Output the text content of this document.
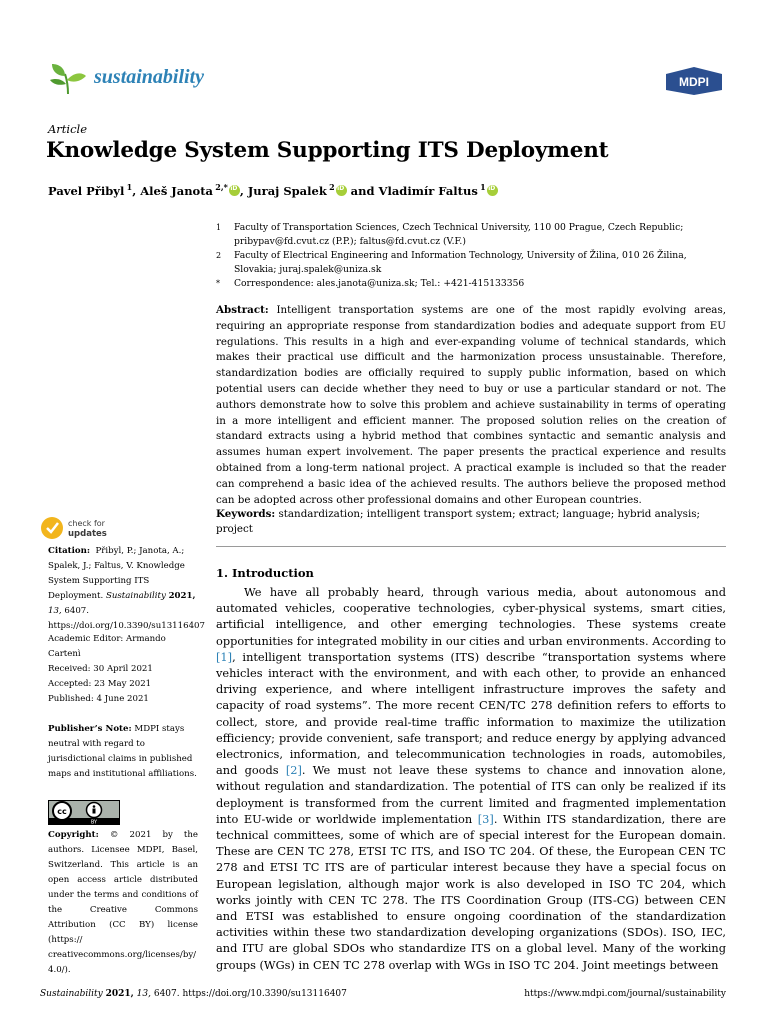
sustainability	MDPI
Article
Knowledge System Supporting ITS Deployment
Pavel Přibyl  $^1$, Aleš Janota  $^{2,*}$iD , Juraj Spalek  $^2$iD and Vladimír Faltus  $^1$iD
1	Faculty of Transportation Sciences, Czech Technical University, 110 00 Prague, Czech Republic; pribypav@fd.cvut.cz (P.P.); faltus@fd.cvut.cz (V.F.)
2	Faculty of Electrical Engineering and Information Technology, University of Žilina, 010 26 Žilina, Slovakia; juraj.spalek@uniza.sk
*	Correspondence: ales.janota@uniza.sk; Tel.: +421-415133356

Abstract: Intelligent transportation systems are one of the most rapidly evolving areas, requiring an appropriate response from standardization bodies and adequate support from EU regulations. This results in a high and ever-expanding volume of technical standards, which makes their practical use difficult and the harmonization process unsustainable. Therefore, standardization bodies are officially required to supply public information, based on which potential users can decide whether they need to buy or use a particular standard or not. The authors demonstrate how to solve this problem and achieve sustainability in terms of operating in a more intelligent and efficient manner. The proposed solution relies on the creation of standard extracts using a hybrid method that combines syntactic and semantic analysis and assumes human expert involvement. The paper presents the practical experience and results obtained from a long-term national project. A practical example is included so that the reader can comprehend a basic idea of the achieved results. The authors believe the proposed method can be adopted across other professional domains and other European countries.

Keywords: standardization; intelligent transport system; extract; language; hybrid analysis; project

check for
updates

Citation: Přibyl, P.; Janota, A.; Spalek, J.; Faltus, V. Knowledge System Supporting ITS Deployment. Sustainability 2021, 13, 6407. https://doi.org/10.3390/su13116407

Academic Editor: Armando Cartenì

Received: 30 April 2021

Accepted: 23 May 2021

Published: 4 June 2021

Publisher’s Note: MDPI stays neutral with regard to jurisdictional claims in published maps and institutional affiliations.

cc
BY

Copyright: © 2021 by the authors. Licensee MDPI, Basel, Switzerland. This article is an open access article distributed under the terms and conditions of the Creative Commons Attribution (CC BY) license (https:// creativecommons.org/licenses/by/ 4.0/).

1. Introduction

We have all probably heard, through various media, about autonomous and automated vehicles, cooperative technologies, cyber-physical systems, smart cities, artificial intelligence, and other emerging technologies. These systems create opportunities for integrated mobility in our cities and urban environments. According to [1], intelligent transportation systems (ITS) describe “transportation systems where vehicles interact with the environment, and with each other, to provide an enhanced driving experience, and where intelligent infrastructure improves the safety and capacity of road systems”. The more recent CEN/TC 278 definition refers to efforts to collect, store, and provide real-time traffic information to maximize the utilization efficiency; provide convenient, safe transport; and reduce energy by applying advanced electronics, information, and telecommunication technologies in roads, automobiles, and goods [2]. We must not leave these systems to chance and innovation alone, without regulation and standardization. The potential of ITS can only be realized if its deployment is transformed from the current limited and fragmented implementation into EU-wide or worldwide implementation [3]. Within ITS standardization, there are technical committees, some of which are of special interest for the European domain. These are CEN TC 278, ETSI TC ITS, and ISO TC 204. Of these, the European CEN TC 278 and ETSI TC ITS are of particular interest because they have a special focus on European legislation, although major work is also developed in ISO TC 204, which works jointly with CEN TC 278. The ITS Coordination Group (ITS-CG) between CEN and ETSI was established to ensure ongoing coordination of the standardization activities within these two standardization developing organizations (SDOs). ISO, IEC, and ITU are global SDOs who standardize ITS on a global level. Many of the working groups (WGs) in CEN TC 278 overlap with WGs in ISO TC 204. Joint meetings between

Sustainability 2021, 13, 6407. https://doi.org/10.3390/su13116407	https://www.mdpi.com/journal/sustainability
